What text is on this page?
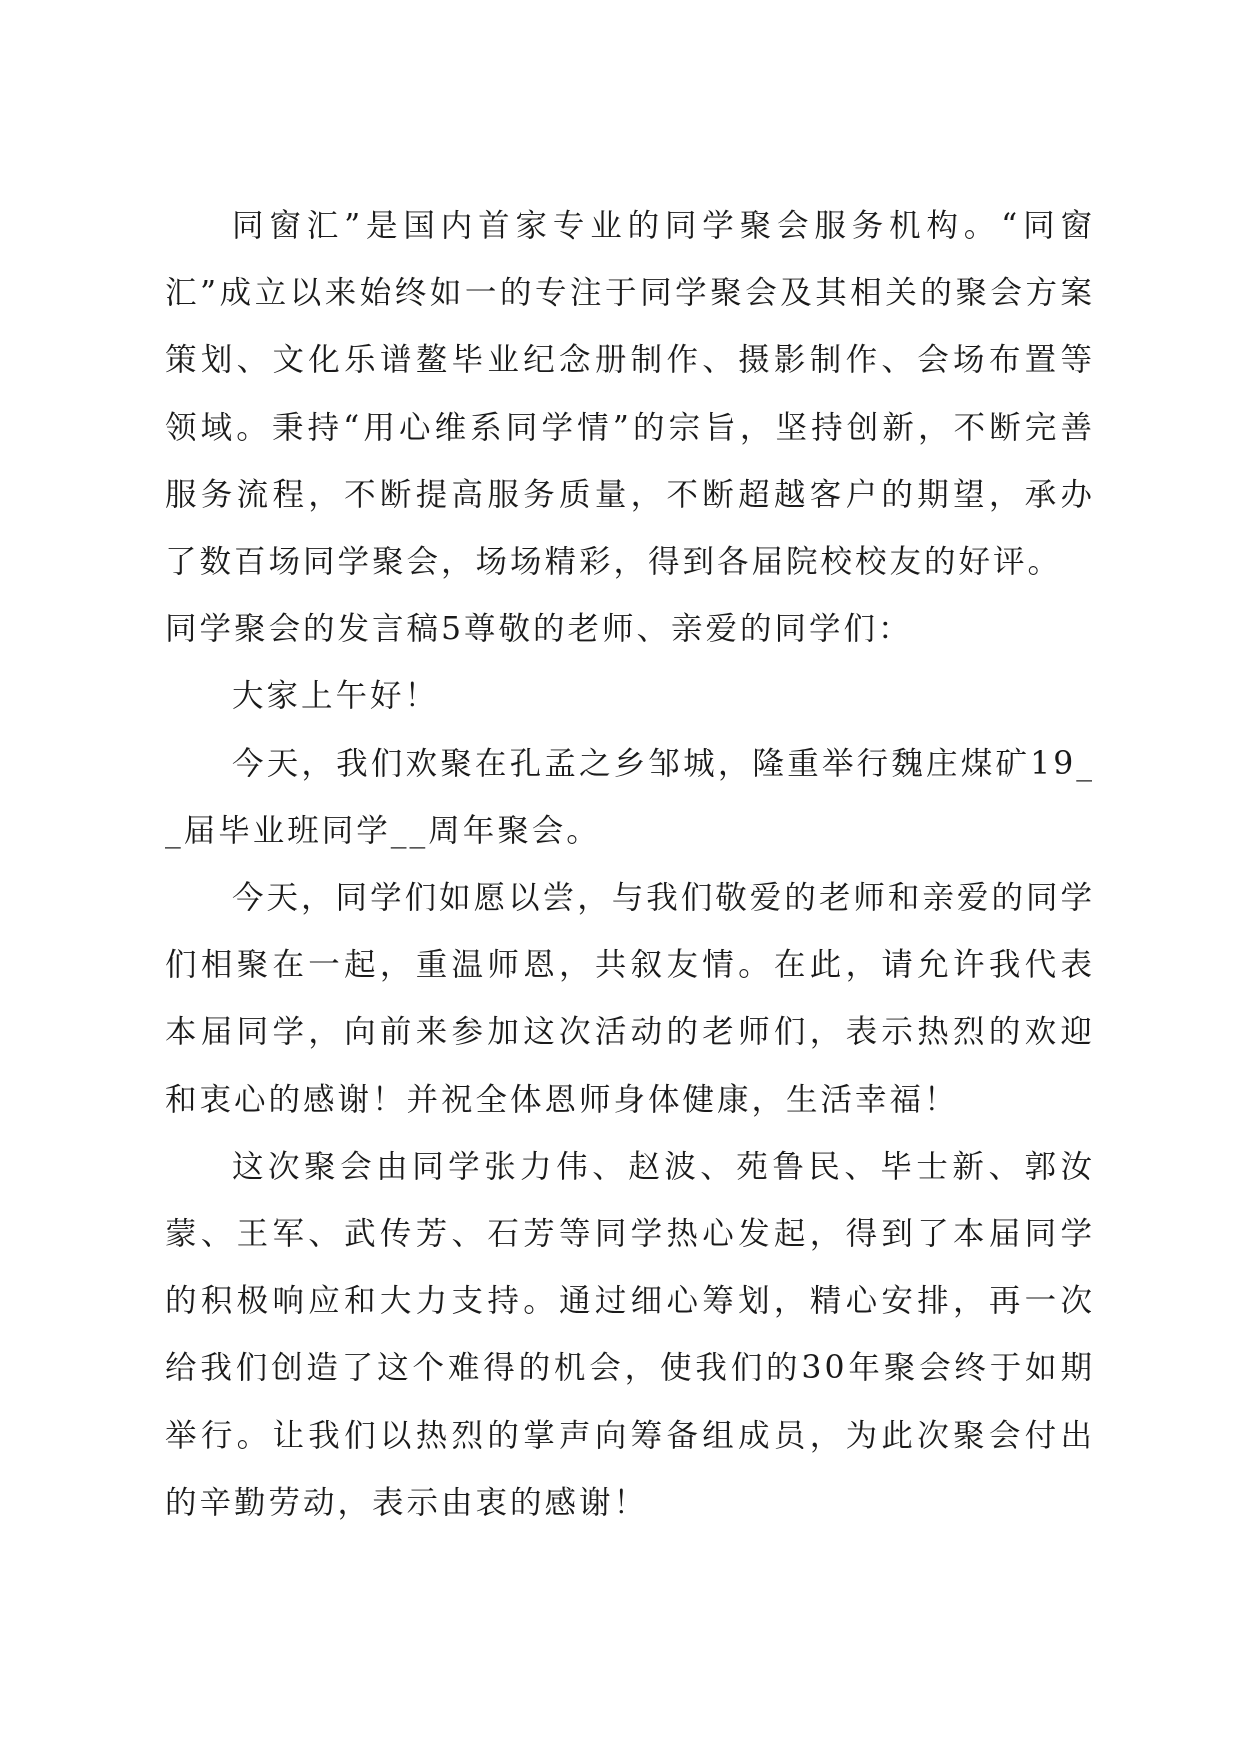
同窗汇”是国内首家专业的同学聚会服务机构。“同窗汇”成立以来始终如一的专注于同学聚会及其相关的聚会方案策划、文化乐谱鳌毕业纪念册制作、摄影制作、会场布置等领域。秉持“用心维系同学情”的宗旨，坚持创新，不断完善服务流程，不断提高服务质量，不断超越客户的期望，承办了数百场同学聚会，场场精彩，得到各届院校校友的好评。

同学聚会的发言稿5尊敬的老师、亲爱的同学们：

大家上午好！

今天，我们欢聚在孔孟之乡邹城，隆重举行魏庄煤矿19__届毕业班同学__周年聚会。

今天，同学们如愿以尝，与我们敬爱的老师和亲爱的同学们相聚在一起，重温师恩，共叙友情。在此，请允许我代表本届同学，向前来参加这次活动的老师们，表示热烈的欢迎和衷心的感谢！并祝全体恩师身体健康，生活幸福！

这次聚会由同学张力伟、赵波、苑鲁民、毕士新、郭汝蒙、王军、武传芳、石芳等同学热心发起，得到了本届同学的积极响应和大力支持。通过细心筹划，精心安排，再一次给我们创造了这个难得的机会，使我们的30年聚会终于如期举行。让我们以热烈的掌声向筹备组成员，为此次聚会付出的辛勤劳动，表示由衷的感谢！
